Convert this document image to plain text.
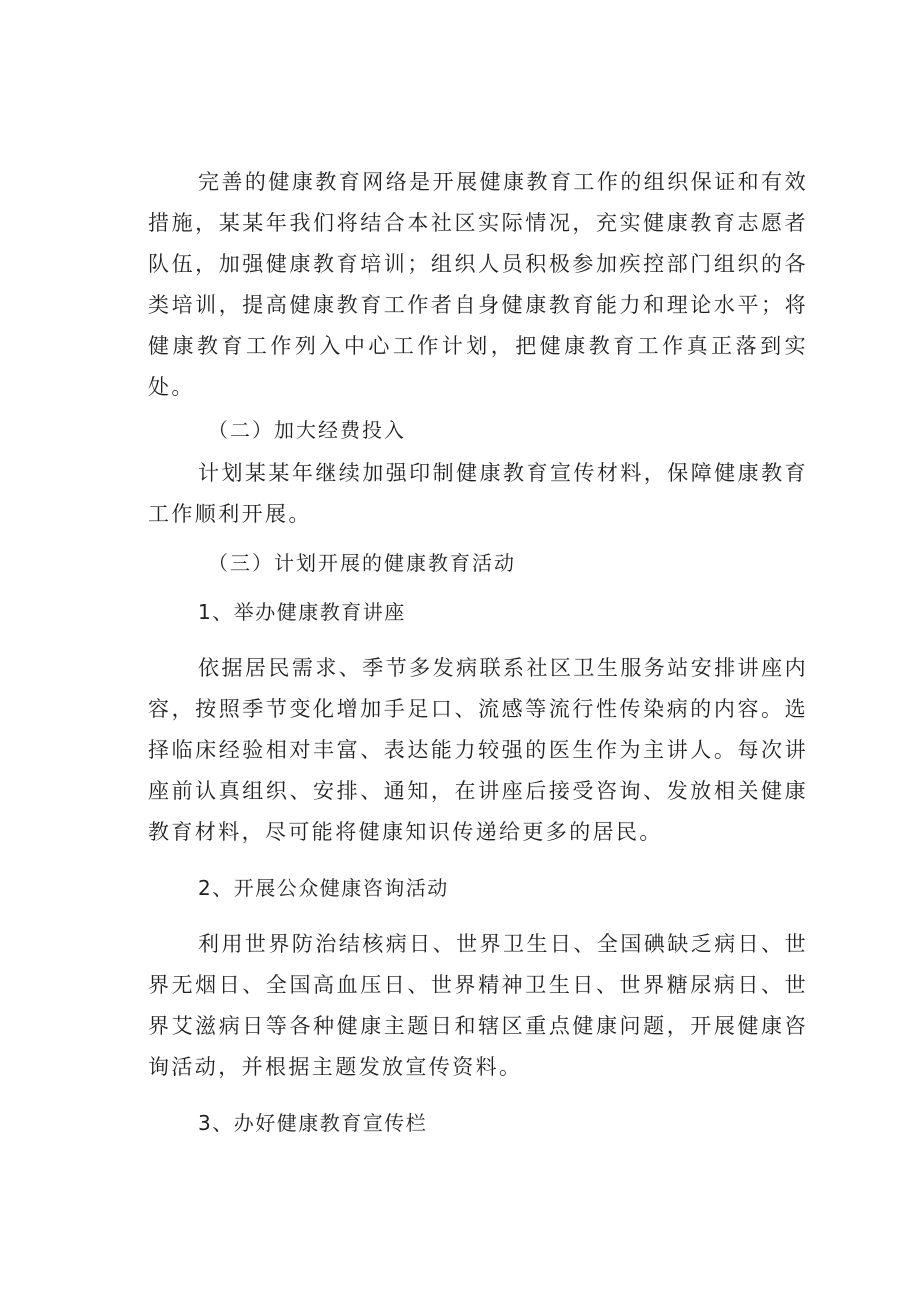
完善的健康教育网络是开展健康教育工作的组织保证和有效措施，某某年我们将结合本社区实际情况，充实健康教育志愿者队伍，加强健康教育培训；组织人员积极参加疾控部门组织的各类培训，提高健康教育工作者自身健康教育能力和理论水平；将健康教育工作列入中心工作计划，把健康教育工作真正落到实处。

（二）加大经费投入

计划某某年继续加强印制健康教育宣传材料，保障健康教育工作顺利开展。

（三）计划开展的健康教育活动

1、举办健康教育讲座

依据居民需求、季节多发病联系社区卫生服务站安排讲座内容，按照季节变化增加手足口、流感等流行性传染病的内容。选择临床经验相对丰富、表达能力较强的医生作为主讲人。每次讲座前认真组织、安排、通知，在讲座后接受咨询、发放相关健康教育材料，尽可能将健康知识传递给更多的居民。

2、开展公众健康咨询活动

利用世界防治结核病日、世界卫生日、全国碘缺乏病日、世界无烟日、全国高血压日、世界精神卫生日、世界糖尿病日、世界艾滋病日等各种健康主题日和辖区重点健康问题，开展健康咨询活动，并根据主题发放宣传资料。

3、办好健康教育宣传栏
